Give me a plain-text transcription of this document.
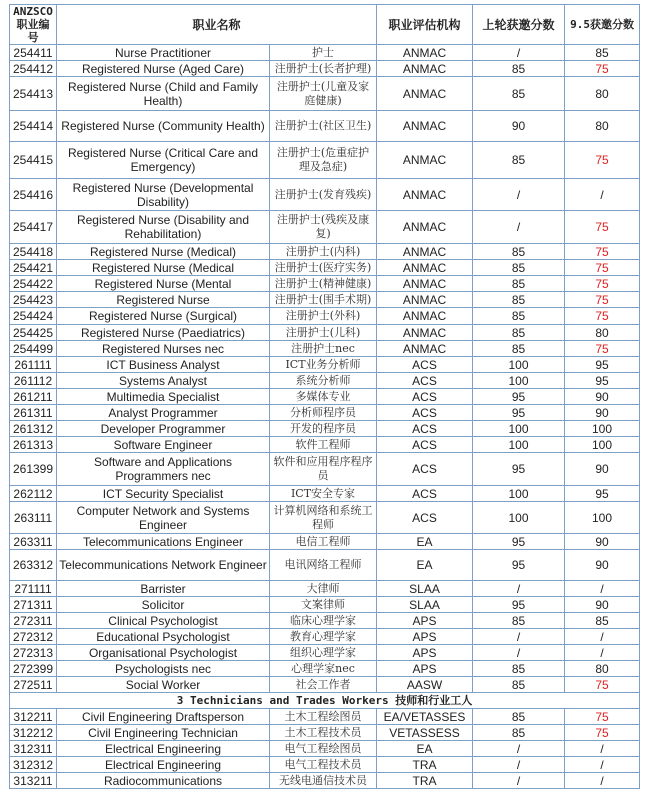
ANZSCO 职业编号	职业名称		职业评估机构	上轮获邀分数	9.5获邀分数
254411	Nurse Practitioner	护士	ANMAC	/	85
254412	Registered Nurse (Aged Care)	注册护士(长者护理)	ANMAC	85	75
254413	Registered Nurse (Child and Family Health)	注册护士(儿童及家庭健康)	ANMAC	85	80
254414	Registered Nurse (Community Health)	注册护士(社区卫生)	ANMAC	90	80
254415	Registered Nurse (Critical Care and Emergency)	注册护士(危重症护理及急症)	ANMAC	85	75
254416	Registered Nurse (Developmental Disability)	注册护士(发育残疾)	ANMAC	/	/
254417	Registered Nurse (Disability and Rehabilitation)	注册护士(残疾及康复)	ANMAC	/	75
254418	Registered Nurse (Medical)	注册护士(内科)	ANMAC	85	75
254421	Registered Nurse (Medical	注册护士(医疗实务)	ANMAC	85	75
254422	Registered Nurse (Mental	注册护士(精神健康)	ANMAC	85	75
254423	Registered Nurse	注册护士(围手术期)	ANMAC	85	75
254424	Registered Nurse (Surgical)	注册护士(外科)	ANMAC	85	75
254425	Registered Nurse (Paediatrics)	注册护士(儿科)	ANMAC	85	80
254499	Registered Nurses nec	注册护士nec	ANMAC	85	75
261111	ICT Business Analyst	ICT业务分析师	ACS	100	95
261112	Systems Analyst	系统分析师	ACS	100	95
261211	Multimedia Specialist	多媒体专业	ACS	95	90
261311	Analyst Programmer	分析师程序员	ACS	95	90
261312	Developer Programmer	开发的程序员	ACS	100	100
261313	Software Engineer	软件工程师	ACS	100	100
261399	Software and Applications Programmers nec	软件和应用程序程序员	ACS	95	90
262112	ICT Security Specialist	ICT安全专家	ACS	100	95
263111	Computer Network and Systems Engineer	计算机网络和系统工程师	ACS	100	100
263311	Telecommunications Engineer	电信工程师	EA	95	90
263312	Telecommunications Network Engineer	电讯网络工程师	EA	95	90
271111	Barrister	大律师	SLAA	/	/
271311	Solicitor	文案律师	SLAA	95	90
272311	Clinical Psychologist	临床心理学家	APS	85	85
272312	Educational Psychologist	教育心理学家	APS	/	/
272313	Organisational Psychologist	组织心理学家	APS	/	/
272399	Psychologists nec	心理学家nec	APS	85	80
272511	Social Worker	社会工作者	AASW	85	75
3 Technicians and Trades Workers 技师和行业工人					
312211	Civil Engineering Draftsperson	土木工程绘图员	EA/VETASSES	85	75
312212	Civil Engineering Technician	土木工程技术员	VETASSESS	85	75
312311	Electrical Engineering	电气工程绘图员	EA	/	/
312312	Electrical Engineering	电气工程技术员	TRA	/	/
313211	Radiocommunications	无线电通信技术员	TRA	/	/
